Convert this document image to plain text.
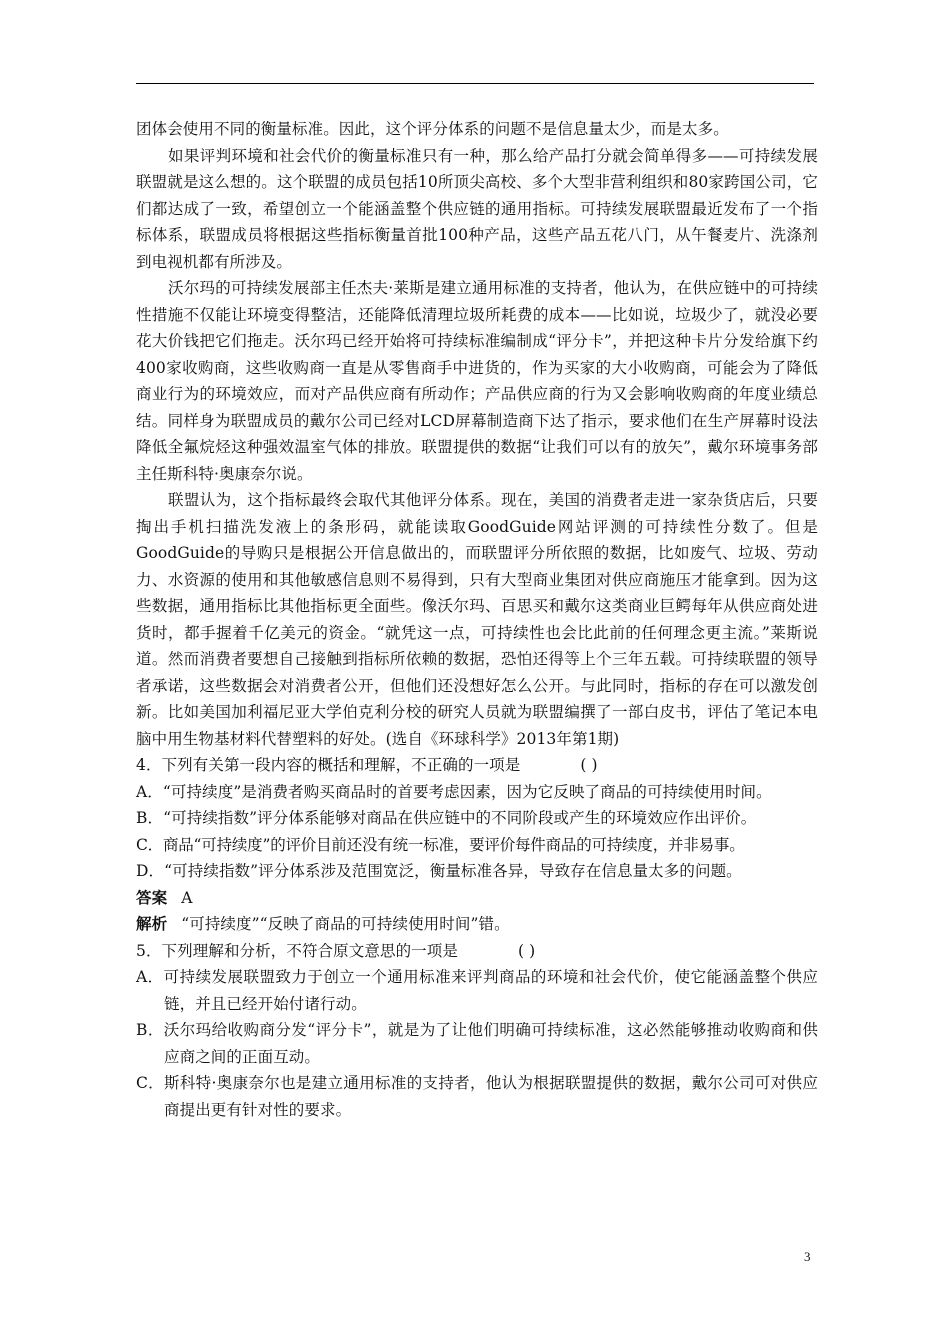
团体会使用不同的衡量标准。因此，这个评分体系的问题不是信息量太少，而是太多。

如果评判环境和社会代价的衡量标准只有一种，那么给产品打分就会简单得多——可持续发展联盟就是这么想的。这个联盟的成员包括10所顶尖高校、多个大型非营利组织和80家跨国公司，它们都达成了一致，希望创立一个能涵盖整个供应链的通用指标。可持续发展联盟最近发布了一个指标体系，联盟成员将根据这些指标衡量首批100种产品，这些产品五花八门，从午餐麦片、洗涤剂到电视机都有所涉及。

沃尔玛的可持续发展部主任杰夫·莱斯是建立通用标准的支持者，他认为，在供应链中的可持续性措施不仅能让环境变得整洁，还能降低清理垃圾所耗费的成本——比如说，垃圾少了，就没必要花大价钱把它们拖走。沃尔玛已经开始将可持续标准编制成“评分卡”，并把这种卡片分发给旗下约400家收购商，这些收购商一直是从零售商手中进货的，作为买家的大小收购商，可能会为了降低商业行为的环境效应，而对产品供应商有所动作；产品供应商的行为又会影响收购商的年度业绩总结。同样身为联盟成员的戴尔公司已经对LCD屏幕制造商下达了指示，要求他们在生产屏幕时设法降低全氟烷烃这种强效温室气体的排放。联盟提供的数据“让我们可以有的放矢”，戴尔环境事务部主任斯科特·奥康奈尔说。

联盟认为，这个指标最终会取代其他评分体系。现在，美国的消费者走进一家杂货店后，只要掏出手机扫描洗发液上的条形码，就能读取GoodGuide网站评测的可持续性分数了。但是GoodGuide的导购只是根据公开信息做出的，而联盟评分所依照的数据，比如废气、垃圾、劳动力、水资源的使用和其他敏感信息则不易得到，只有大型商业集团对供应商施压才能拿到。因为这些数据，通用指标比其他指标更全面些。像沃尔玛、百思买和戴尔这类商业巨鳄每年从供应商处进货时，都手握着千亿美元的资金。“就凭这一点，可持续性也会比此前的任何理念更主流。”莱斯说道。然而消费者要想自己接触到指标所依赖的数据，恐怕还得等上个三年五载。可持续联盟的领导者承诺，这些数据会对消费者公开，但他们还没想好怎么公开。与此同时，指标的存在可以激发创新。比如美国加利福尼亚大学伯克利分校的研究人员就为联盟编撰了一部白皮书，评估了笔记本电脑中用生物基材料代替塑料的好处。(选自《环球科学》2013年第1期)

4．下列有关第一段内容的概括和理解，不正确的一项是	( )

A．“可持续度”是消费者购买商品时的首要考虑因素，因为它反映了商品的可持续使用时间。

B．“可持续指数”评分体系能够对商品在供应链中的不同阶段或产生的环境效应作出评价。

C．商品“可持续度”的评价目前还没有统一标准，要评价每件商品的可持续度，并非易事。

D．“可持续指数”评分体系涉及范围宽泛，衡量标准各异，导致存在信息量太多的问题。

答案 A

解析 “可持续度”“反映了商品的可持续使用时间”错。

5．下列理解和分析，不符合原文意思的一项是	( )

A．可持续发展联盟致力于创立一个通用标准来评判商品的环境和社会代价，使它能涵盖整个供应链，并且已经开始付诸行动。

B．沃尔玛给收购商分发“评分卡”，就是为了让他们明确可持续标准，这必然能够推动收购商和供应商之间的正面互动。

C．斯科特·奥康奈尔也是建立通用标准的支持者，他认为根据联盟提供的数据，戴尔公司可对供应商提出更有针对性的要求。

3
